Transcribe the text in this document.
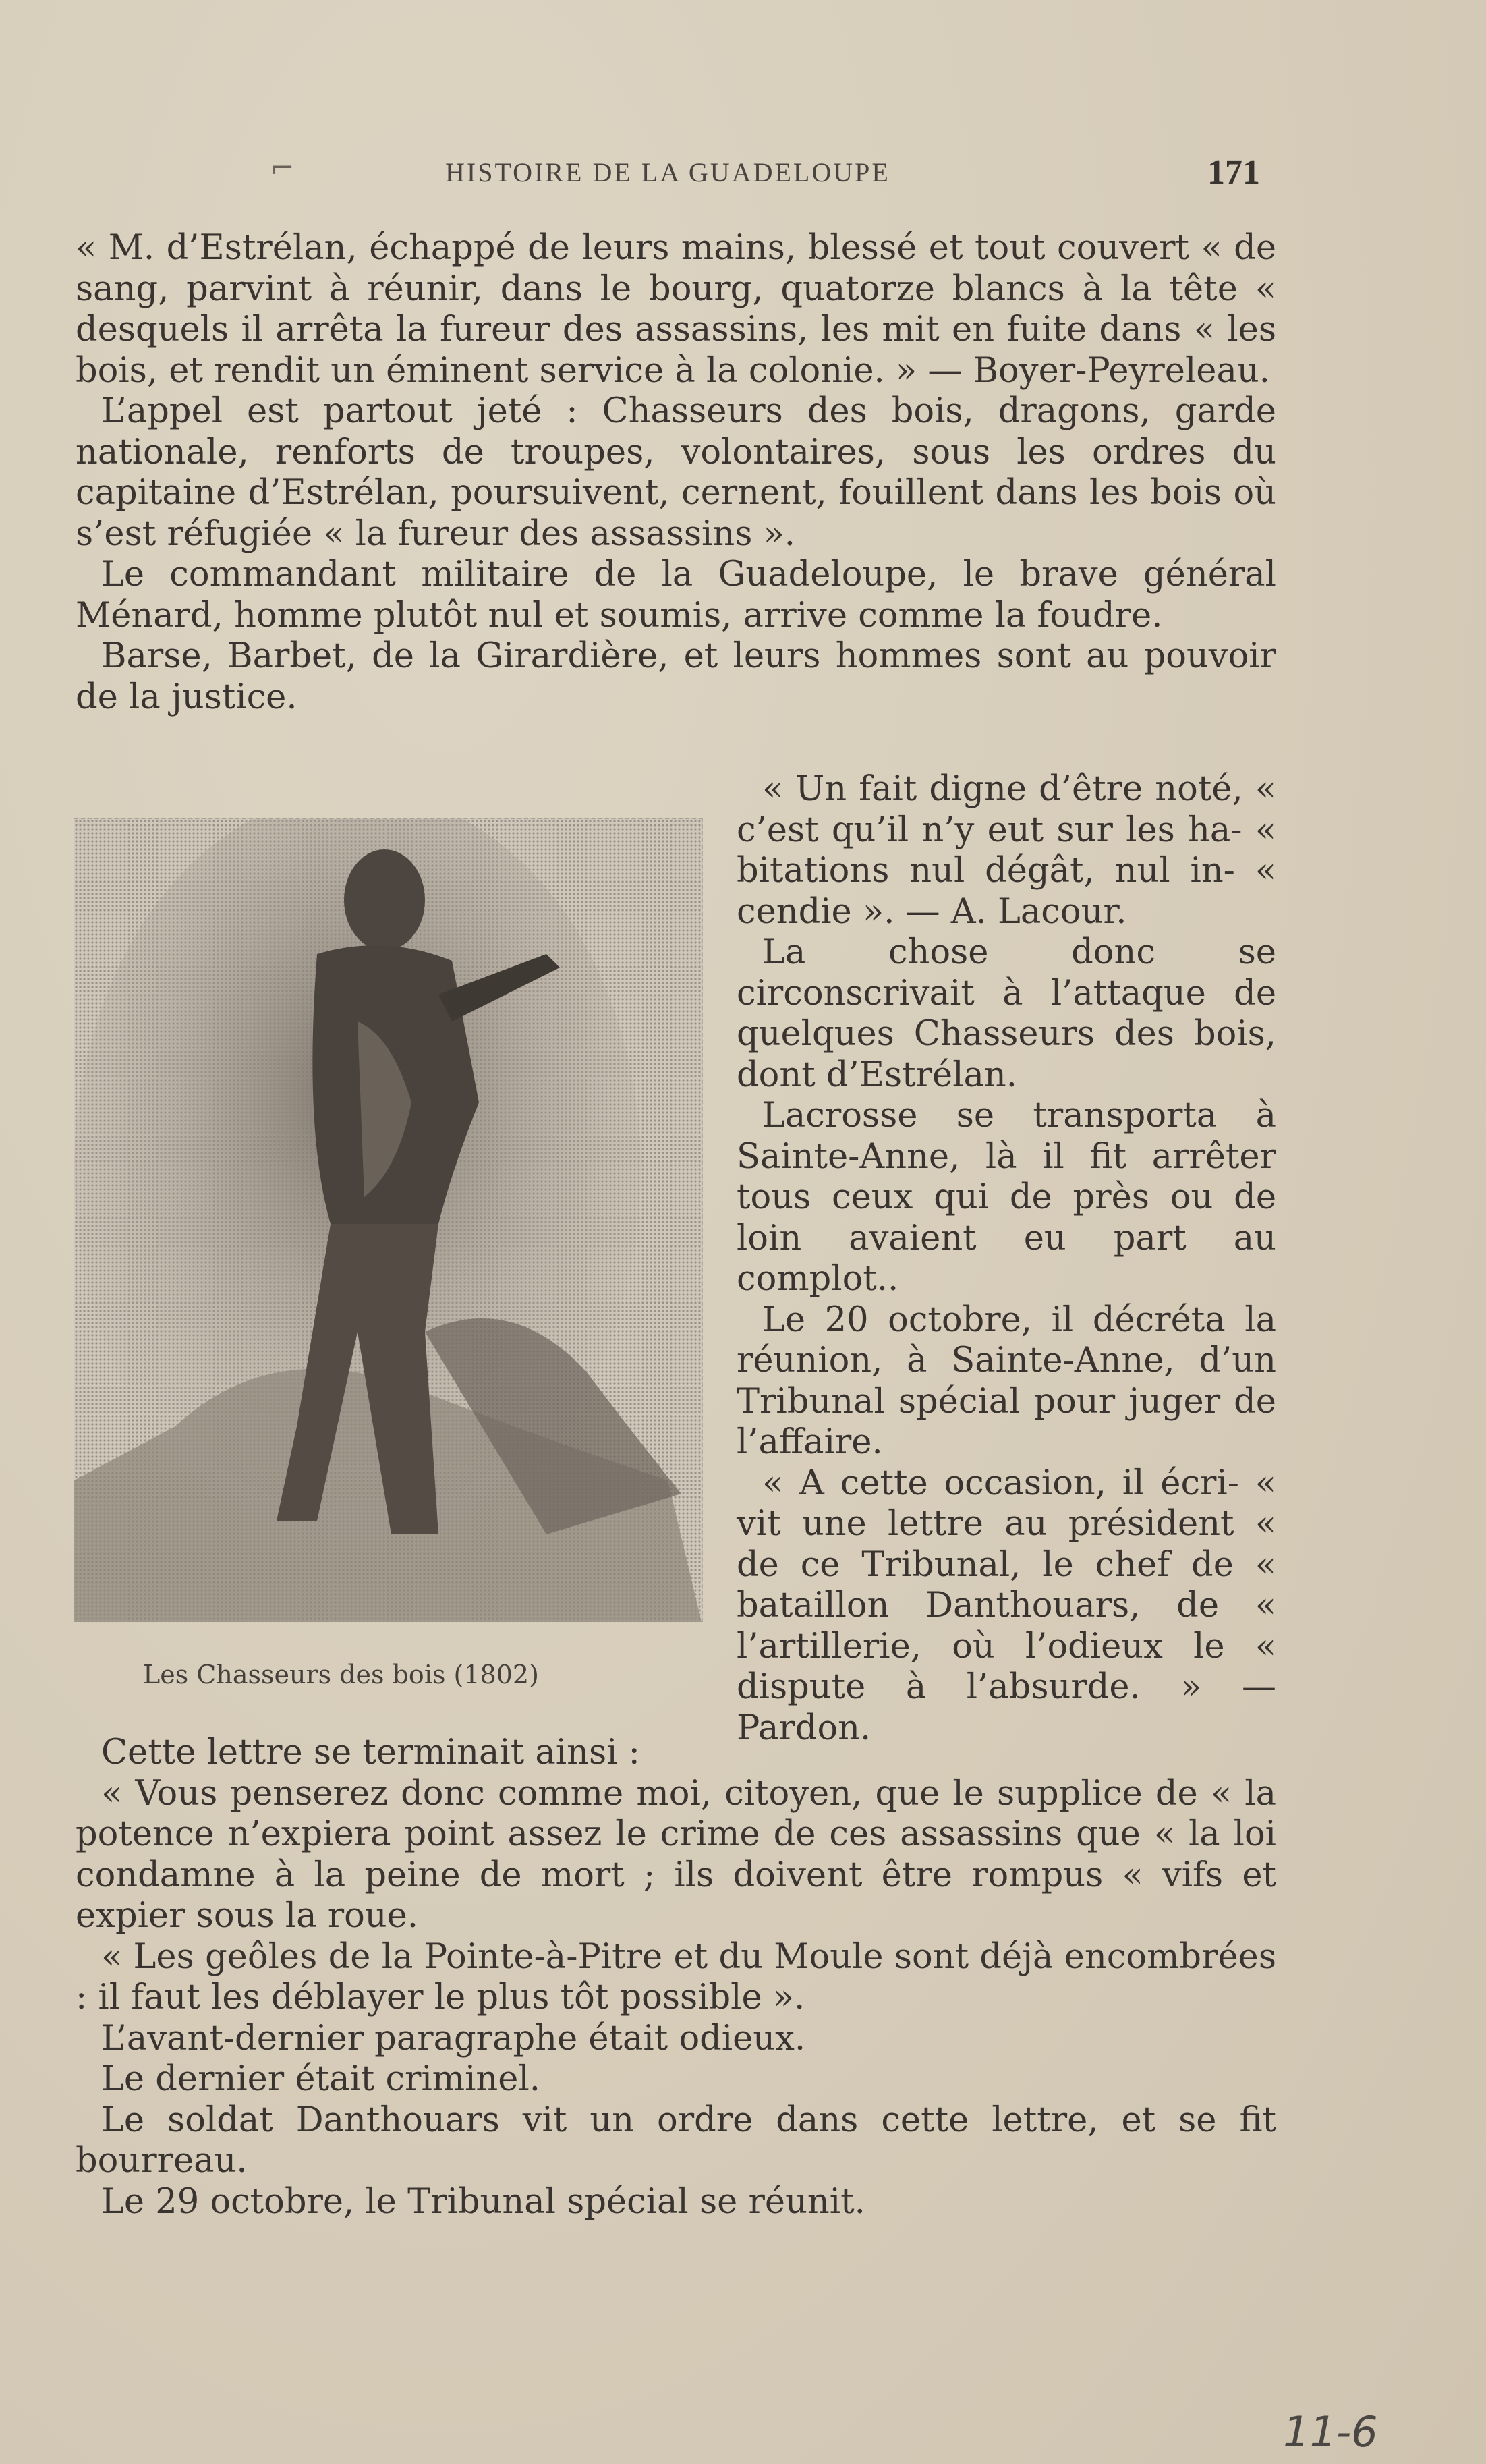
⌐	HISTOIRE DE LA GUADELOUPE	171

« M. d’Estrélan, échappé de leurs mains, blessé et tout couvert « de sang, parvint à réunir, dans le bourg, quatorze blancs à la tête « desquels il arrêta la fureur des assassins, les mit en fuite dans « les bois, et rendit un éminent service à la colonie. » — Boyer-Peyreleau.

L’appel est partout jeté : Chasseurs des bois, dragons, garde nationale, renforts de troupes, volontaires, sous les ordres du capitaine d’Estrélan, poursuivent, cernent, fouillent dans les bois où s’est réfugiée « la fureur des assassins ».

Le commandant militaire de la Guadeloupe, le brave général Ménard, homme plutôt nul et soumis, arrive comme la foudre.

Barse, Barbet, de la Girardière, et leurs hommes sont au pouvoir de la justice.

Les Chasseurs des bois (1802)

« Un fait digne d’être noté, « c’est qu’il n’y eut sur les ha- « bitations nul dégât, nul in- « cendie ». — A. Lacour.

La chose donc se circonscrivait à l’attaque de quelques Chasseurs des bois, dont d’Estrélan.

Lacrosse se transporta à Sainte-Anne, là il fit arrêter tous ceux qui de près ou de loin avaient eu part au complot..

Le 20 octobre, il décréta la réunion, à Sainte-Anne, d’un Tribunal spécial pour juger de l’affaire.

« A cette occasion, il écri- « vit une lettre au président « de ce Tribunal, le chef de « bataillon Danthouars, de « l’artillerie, où l’odieux le « dispute à l’absurde. » — Pardon.

Cette lettre se terminait ainsi :

« Vous penserez donc comme moi, citoyen, que le supplice de « la potence n’expiera point assez le crime de ces assassins que « la loi condamne à la peine de mort ; ils doivent être rompus « vifs et expier sous la roue.

« Les geôles de la Pointe-à-Pitre et du Moule sont déjà encombrées : il faut les déblayer le plus tôt possible ».

L’avant-dernier paragraphe était odieux.

Le dernier était criminel.

Le soldat Danthouars vit un ordre dans cette lettre, et se fit bourreau.

Le 29 octobre, le Tribunal spécial se réunit.

11-6
